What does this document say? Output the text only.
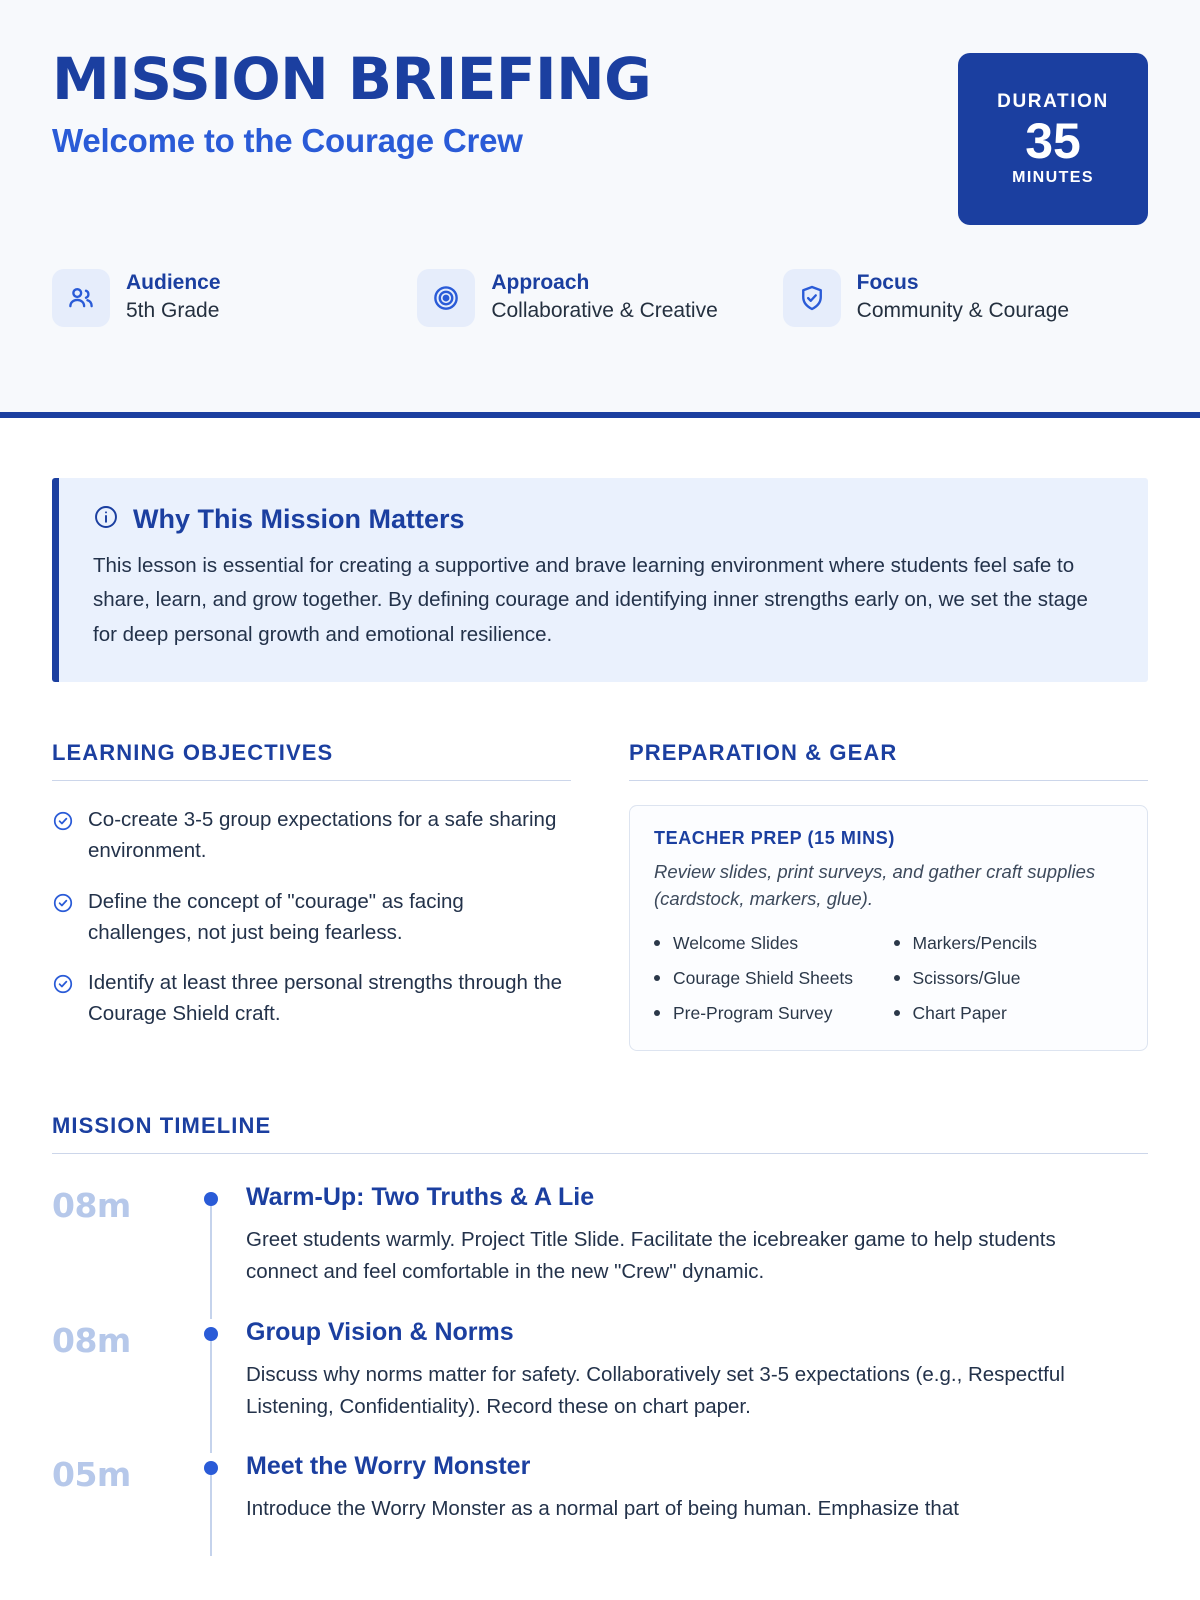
MISSION BRIEFING
Welcome to the Courage Crew
DURATION
35
MINUTES
Audience
5th Grade
Approach
Collaborative & Creative
Focus
Community & Courage
Why This Mission Matters
This lesson is essential for creating a supportive and brave learning environment where students feel safe to share, learn, and grow together. By defining courage and identifying inner strengths early on, we set the stage for deep personal growth and emotional resilience.
LEARNING OBJECTIVES
Co-create 3-5 group expectations for a safe sharing environment.
Define the concept of "courage" as facing challenges, not just being fearless.
Identify at least three personal strengths through the Courage Shield craft.
PREPARATION & GEAR
TEACHER PREP (15 MINS)
Review slides, print surveys, and gather craft supplies (cardstock, markers, glue).
Welcome Slides	Markers/Pencils
Courage Shield Sheets	Scissors/Glue
Pre-Program Survey	Chart Paper
MISSION TIMELINE
08m	Warm-Up: Two Truths & A Lie
Greet students warmly. Project Title Slide. Facilitate the icebreaker game to help students connect and feel comfortable in the new "Crew" dynamic.
08m	Group Vision & Norms
Discuss why norms matter for safety. Collaboratively set 3-5 expectations (e.g., Respectful Listening, Confidentiality). Record these on chart paper.
05m	Meet the Worry Monster
Introduce the Worry Monster as a normal part of being human. Emphasize that
